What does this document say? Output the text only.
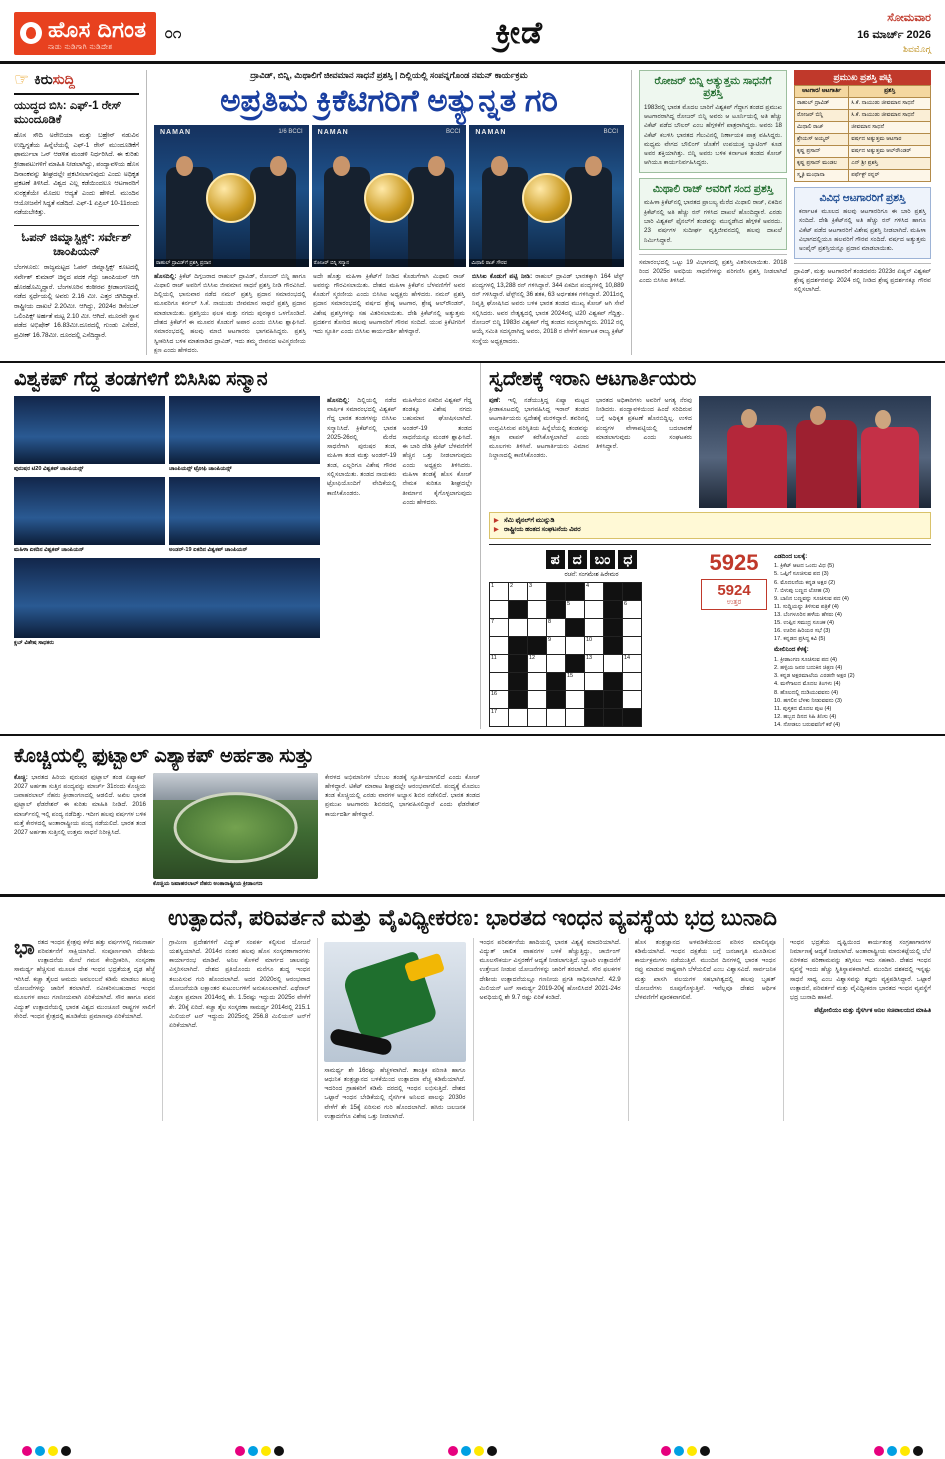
ಹೊಸ ದಿಗಂತ
ನಾಡು ನುಡಿಗಾಗಿ ನುಡಿದೇಶ
೦೧	ಕ್ರೀಡೆ	ಸೋಮವಾರ
16 ಮಾರ್ಚ್ 2026
ಶಿವಮೊಗ್ಗ
☞ ಕಿರುಸುದ್ದಿ
ಯುದ್ಧದ ಬಿಸಿ: ಎಫ್-1 ರೇಸ್ ಮುಂದೂಡಿಕೆ
ಹೊಸ ಸೌದಿ ಅರೇಬಿಯಾ ಮತ್ತು ಬಹ್ರೇನ್ ನಡುವಿನ ಉದ್ವಿಗ್ನತೆಯ ಹಿನ್ನೆಲೆಯಲ್ಲಿ ಎಫ್-1 ರೇಸ್ ಮುಂದೂಡಿಕೆಗೆ ಫಾರ್ಮುಲಾ ಒನ್ ಆಡಳಿತ ಮಂಡಳಿ ನಿರ್ಧರಿಸಿದೆ. ಈ ಕುರಿತು ಕ್ರೀಡಾಪಟುಗಳಿಗೆ ಮಾಹಿತಿ ನೀಡಲಾಗಿದ್ದು, ಪಂದ್ಯಾವಳಿಯ ಹೊಸ ದಿನಾಂಕವನ್ನು ಶೀಘ್ರದಲ್ಲೇ ಪ್ರಕಟಿಸಲಾಗುವುದು ಎಂದು ಅಧಿಕೃತ ಪ್ರಕಟಣೆ ತಿಳಿಸಿದೆ. ವಿಶ್ವದ ಎಲ್ಲ ಕಡೆಯಿಂದಲೂ ಆಟಗಾರರಿಗೆ ಸುರಕ್ಷತೆಯೇ ಮೊದಲ ಆದ್ಯತೆ ಎಂದು ಹೇಳಿದೆ. ಮುಂದಿನ ಆಯೋಜನೆಗೆ ಸಿದ್ಧತೆ ನಡೆದಿದೆ. ಎಫ್-1 ಏಪ್ರಿಲ್ 10-11ರಂದು ನಡೆಯಬೇಕಿತ್ತು.
ಓಪನ್ ಜಿಮ್ನಾಸ್ಟಿಕ್ಸ್: ಸರ್ವೇಶ್ ಚಾಂಪಿಯನ್
ಬೆಂಗಳೂರು: ರಾಜ್ಯಮಟ್ಟದ ಓಪನ್ ಜಿಮ್ನಾಸ್ಟಿಕ್ಸ್ ಕೂಟದಲ್ಲಿ ಸರ್ವೇಶ್ ಕುಮಾರ್ ಚಿನ್ನದ ಪದಕ ಗೆದ್ದು ಚಾಂಪಿಯನ್ ಆಗಿ ಹೊರಹೊಮ್ಮಿದ್ದಾರೆ. ಬೆಂಗಳೂರಿನ ಕಂಠೀರವ ಕ್ರೀಡಾಂಗಣದಲ್ಲಿ ನಡೆದ ಸ್ಪರ್ಧೆಯಲ್ಲಿ ಅವರು 2.16 ಮೀ. ಎತ್ತರ ಜಿಗಿದಿದ್ದಾರೆ. ರಾಷ್ಟ್ರೀಯ ದಾಖಲೆ 2.20ಮೀ. ಆಗಿದ್ದು, 2024ರ ಡಿಸೆಂಬರ್ ಒಲಿಂಪಿಕ್ಸ್ ಅರ್ಹತೆ ಮಟ್ಟ 2.10 ಮೀ. ಆಗಿದೆ. ಮೂರನೇ ಸ್ಥಾನ ಪಡೆದ ಅಭಿಷೇಕ್ 16.83ಮೀ.ದೂರದಲ್ಲಿ ಗುಂಡು ಎಸೆದರೆ, ಪ್ರವೀಣ್ 16.78ಮೀ. ದೂರದಲ್ಲಿ ಎಸೆದಿದ್ದಾರೆ.
ದ್ರಾವಿಡ್, ಬಿನ್ನಿ, ಮಿಥಾಲಿಗೆ ಜೀವಮಾನ ಸಾಧನೆ ಪ್ರಶಸ್ತಿ | ದಿಲ್ಲಿಯಲ್ಲಿ ಸಂಪನ್ನಗೊಂಡ ನಮನ್ ಕಾರ್ಯಕ್ರಮ
ಅಪ್ರತಿಮ ಕ್ರಿಕೆಟಿಗರಿಗೆ ಅತ್ಯುನ್ನತ ಗರಿ
NAMAN	1/6 BCCI
ರಾಹುಲ್ ದ್ರಾವಿಡ್‌ಗೆ ಪ್ರಶಸ್ತಿ ಪ್ರದಾನ
NAMAN	BCCI
ರೋಜರ್ ಬಿನ್ನಿ ಸನ್ಮಾನ
NAMAN	BCCI
ಮಿಥಾಲಿ ರಾಜ್ ಗೌರವ
ಹೊಸದಿಲ್ಲಿ: ಕ್ರಿಕೆಟ್ ದಿಗ್ಗಜರಾದ ರಾಹುಲ್ ದ್ರಾವಿಡ್, ರೋಜರ್ ಬಿನ್ನಿ ಹಾಗೂ ಮಿಥಾಲಿ ರಾಜ್ ಅವರಿಗೆ ಬಿಸಿಸಿಐ ಜೀವಮಾನ ಸಾಧನೆ ಪ್ರಶಸ್ತಿ ನೀಡಿ ಗೌರವಿಸಿದೆ. ದಿಲ್ಲಿಯಲ್ಲಿ ಭಾನುವಾರ ನಡೆದ ನಮನ್ ಪ್ರಶಸ್ತಿ ಪ್ರದಾನ ಸಮಾರಂಭದಲ್ಲಿ ಮೂವರಿಗೂ ಕರ್ನಲ್ ಸಿ.ಕೆ. ನಾಯುಡು ಜೀವಮಾನ ಸಾಧನೆ ಪ್ರಶಸ್ತಿ ಪ್ರದಾನ ಮಾಡಲಾಯಿತು. ಪ್ರಶಸ್ತಿಯು ಫಲಕ ಮತ್ತು ನಗದು ಪುರಸ್ಕಾರ ಒಳಗೊಂಡಿದೆ. ದೇಶದ ಕ್ರಿಕೆಟ್‌ಗೆ ಈ ಮೂವರ ಕೊಡುಗೆ ಅಪಾರ ಎಂದು ಬಿಸಿಸಿಐ ಶ್ಲಾಘಿಸಿದೆ. ಸಮಾರಂಭದಲ್ಲಿ ಹಲವು ಮಾಜಿ ಆಟಗಾರರು ಭಾಗವಹಿಸಿದ್ದರು. ಪ್ರಶಸ್ತಿ ಸ್ವೀಕರಿಸಿದ ಬಳಿಕ ಮಾತನಾಡಿದ ದ್ರಾವಿಡ್, ಇದು ತಮ್ಮ ಜೀವನದ ಅವಿಸ್ಮರಣೀಯ ಕ್ಷಣ ಎಂದು ಹೇಳಿದರು.
ಅದೇ ಹೊತ್ತು ಮಹಿಳಾ ಕ್ರಿಕೆಟ್‌ಗೆ ನೀಡಿದ ಕೊಡುಗೆಗಾಗಿ ಮಿಥಾಲಿ ರಾಜ್ ಅವರನ್ನು ಗೌರವಿಸಲಾಯಿತು. ದೇಶದ ಮಹಿಳಾ ಕ್ರಿಕೆಟ್‌ನ ಬೆಳವಣಿಗೆಗೆ ಅವರ ಕೊಡುಗೆ ಸ್ಮರಣೀಯ ಎಂದು ಬಿಸಿಸಿಐ ಅಧ್ಯಕ್ಷರು ಹೇಳಿದರು. ನಮನ್ ಪ್ರಶಸ್ತಿ ಪ್ರದಾನ ಸಮಾರಂಭದಲ್ಲಿ ವರ್ಷದ ಶ್ರೇಷ್ಠ ಆಟಗಾರ, ಶ್ರೇಷ್ಠ ಆಲ್‌ರೌಂಡರ್, ವಿಶೇಷ ಪ್ರಶಸ್ತಿಗಳನ್ನು ಸಹ ವಿತರಿಸಲಾಯಿತು. ದೇಶಿ ಕ್ರಿಕೆಟ್‌ನಲ್ಲಿ ಅತ್ಯುತ್ತಮ ಪ್ರದರ್ಶನ ತೋರಿದ ಹಲವು ಆಟಗಾರರಿಗೆ ಗೌರವ ಸಂದಿದೆ. ಯುವ ಕ್ರಿಕೆಟಿಗರಿಗೆ ಇದು ಸ್ಫೂರ್ತಿ ಎಂದು ಬಿಸಿಸಿಐ ಕಾರ್ಯದರ್ಶಿ ಹೇಳಿದ್ದಾರೆ.
ಬಿಸಿಸಿಐ ಕೊಡುಗೆ ಪಟ್ಟಿ ನೀಡಿ: ರಾಹುಲ್ ದ್ರಾವಿಡ್ ಭಾರತಕ್ಕಾಗಿ 164 ಟೆಸ್ಟ್ ಪಂದ್ಯಗಳಲ್ಲಿ 13,288 ರನ್ ಗಳಿಸಿದ್ದಾರೆ. 344 ಏಕದಿನ ಪಂದ್ಯಗಳಲ್ಲಿ 10,889 ರನ್ ಗಳಿಸಿದ್ದಾರೆ. ಟೆಸ್ಟ್‌ನಲ್ಲಿ 36 ಶತಕ, 63 ಅರ್ಧಶತಕ ಗಳಿಸಿದ್ದಾರೆ. 2011ರಲ್ಲಿ ನಿವೃತ್ತಿ ಘೋಷಿಸಿದ ಅವರು ಬಳಿಕ ಭಾರತ ತಂಡದ ಮುಖ್ಯ ಕೋಚ್ ಆಗಿ ಸೇವೆ ಸಲ್ಲಿಸಿದರು. ಅವರ ನೇತೃತ್ವದಲ್ಲಿ ಭಾರತ 2024ರಲ್ಲಿ ಟಿ20 ವಿಶ್ವಕಪ್ ಗೆದ್ದಿತ್ತು. ರೋಜರ್ ಬಿನ್ನಿ 1983ರ ವಿಶ್ವಕಪ್ ಗೆದ್ದ ತಂಡದ ಸದಸ್ಯರಾಗಿದ್ದರು. 2012 ರಲ್ಲಿ ಆಯ್ಕೆ ಸಮಿತಿ ಸದಸ್ಯರಾಗಿದ್ದ ಅವರು, 2018 ರ ವೇಳೆಗೆ ಕರ್ನಾಟಕ ರಾಜ್ಯ ಕ್ರಿಕೆಟ್ ಸಂಸ್ಥೆಯ ಅಧ್ಯಕ್ಷರಾದರು.
ರೋಜರ್ ಬಿನ್ನಿ ಅತ್ಯುತ್ತಮ ಸಾಧನೆಗೆ ಪ್ರಶಸ್ತಿ
1983ರಲ್ಲಿ ಭಾರತ ಮೊದಲ ಬಾರಿಗೆ ವಿಶ್ವಕಪ್ ಗೆದ್ದಾಗ ತಂಡದ ಪ್ರಮುಖ ಆಟಗಾರರಾಗಿದ್ದ ರೋಜರ್ ಬಿನ್ನಿ ಅವರು ಆ ಟೂರ್ನಿಯಲ್ಲಿ ಅತಿ ಹೆಚ್ಚು ವಿಕೆಟ್ ಪಡೆದ ಬೌಲರ್ ಎಂಬ ಹೆಗ್ಗಳಿಕೆಗೆ ಪಾತ್ರರಾಗಿದ್ದರು. ಅವರು 18 ವಿಕೆಟ್ ಕಬಳಿಸಿ ಭಾರತದ ಗೆಲುವಿನಲ್ಲಿ ನಿರ್ಣಾಯಕ ಪಾತ್ರ ವಹಿಸಿದ್ದರು. ಮಧ್ಯಮ ವೇಗದ ಬೌಲಿಂಗ್ ಜೊತೆಗೆ ಉಪಯುಕ್ತ ಬ್ಯಾಟಿಂಗ್ ಕೂಡ ಅವರ ಶಕ್ತಿಯಾಗಿತ್ತು. ಬಿನ್ನಿ ಅವರು ಬಳಿಕ ಕರ್ನಾಟಕ ತಂಡದ ಕೋಚ್ ಆಗಿಯೂ ಕಾರ್ಯನಿರ್ವಹಿಸಿದ್ದರು.
ಮಿಥಾಲಿ ರಾಜ್ ಅವರಿಗೆ ಸಂದ ಪ್ರಶಸ್ತಿ
ಮಹಿಳಾ ಕ್ರಿಕೆಟ್‌ನಲ್ಲಿ ಭಾರತದ ಪ್ರಾಬಲ್ಯ ಮೆರೆದ ಮಿಥಾಲಿ ರಾಜ್, ಏಕದಿನ ಕ್ರಿಕೆಟ್‌ನಲ್ಲಿ ಅತಿ ಹೆಚ್ಚು ರನ್ ಗಳಿಸಿದ ದಾಖಲೆ ಹೊಂದಿದ್ದಾರೆ. ಎರಡು ಬಾರಿ ವಿಶ್ವಕಪ್ ಫೈನಲ್‌ಗೆ ತಂಡವನ್ನು ಮುನ್ನಡೆಸಿದ ಹೆಗ್ಗಳಿಕೆ ಅವರದು. 23 ವರ್ಷಗಳ ಸುದೀರ್ಘ ವೃತ್ತಿಜೀವನದಲ್ಲಿ ಹಲವು ದಾಖಲೆ ನಿರ್ಮಿಸಿದ್ದಾರೆ.
ಸಮಾರಂಭದಲ್ಲಿ ಒಟ್ಟು 19 ವಿಭಾಗದಲ್ಲಿ ಪ್ರಶಸ್ತಿ ವಿತರಿಸಲಾಯಿತು. 2018 ರಿಂದ 2025ರ ಅವಧಿಯ ಸಾಧನೆಗಳನ್ನು ಪರಿಗಣಿಸಿ ಪ್ರಶಸ್ತಿ ನೀಡಲಾಗಿದೆ ಎಂದು ಬಿಸಿಸಿಐ ತಿಳಿಸಿದೆ.
ಪ್ರಮುಖ ಪ್ರಶಸ್ತಿ ಪಟ್ಟಿ
ಆಟಗಾರ/ ಆಟಗಾರ್ತಿ	ಪ್ರಶಸ್ತಿ
ರಾಹುಲ್ ದ್ರಾವಿಡ್	ಸಿ.ಕೆ. ನಾಯುಡು ಜೀವಮಾನ ಸಾಧನೆ
ರೋಜರ್ ಬಿನ್ನಿ	ಸಿ.ಕೆ. ನಾಯುಡು ಜೀವಮಾನ ಸಾಧನೆ
ಮಿಥಾಲಿ ರಾಜ್	ಜೀವಮಾನ ಸಾಧನೆ
ಶ್ರೇಯಸ್ ಅಯ್ಯರ್	ವರ್ಷದ ಅತ್ಯುತ್ತಮ ಆಟಗಾರ
ಕೃಷ್ಣ ಪ್ರಸಾದ್	ವರ್ಷದ ಅತ್ಯುತ್ತಮ ಆಲ್‌ರೌಂಡರ್
ಕೃಷ್ಣ ಪ್ರಸಾದ್ ಮಂಡಲ	ಎನ್ ಶ್ರೀ ಪ್ರಶಸ್ತಿ
ಸ್ಮೃತಿ ಮಂಧಾನಾ	ಪರ್ಫೆಕ್ಟ್ ರನ್ನರ್
ವಿವಿಧ ಆಟಗಾರರಿಗೆ ಪ್ರಶಸ್ತಿ
ಕರ್ನಾಟಕ ಮೂಲದ ಹಲವು ಆಟಗಾರರಿಗೂ ಈ ಬಾರಿ ಪ್ರಶಸ್ತಿ ಸಂದಿದೆ. ದೇಶಿ ಕ್ರಿಕೆಟ್‌ನಲ್ಲಿ ಅತಿ ಹೆಚ್ಚು ರನ್ ಗಳಿಸಿದ ಹಾಗೂ ವಿಕೆಟ್ ಪಡೆದ ಆಟಗಾರರಿಗೆ ವಿಶೇಷ ಪ್ರಶಸ್ತಿ ನೀಡಲಾಗಿದೆ. ಮಹಿಳಾ ವಿಭಾಗದಲ್ಲಿಯೂ ಹಲವರಿಗೆ ಗೌರವ ಸಂದಿದೆ. ವರ್ಷದ ಅತ್ಯುತ್ತಮ ಅಂಪೈರ್ ಪ್ರಶಸ್ತಿಯನ್ನೂ ಪ್ರದಾನ ಮಾಡಲಾಯಿತು.
ದ್ರಾವಿಡ್, ಮತ್ತು ಆಟಗಾರರಿಗೆ ತಂಡದವರು 2023ರ ಏಷ್ಯನ್ ವಿಶ್ವಕಪ್ ಶ್ರೇಷ್ಠ ಪ್ರದರ್ಶನವನ್ನು 2024 ರಲ್ಲಿ ನೀಡಿದ ಶ್ರೇಷ್ಠ ಪ್ರದರ್ಶನಕ್ಕೂ ಗೌರವ ಸಲ್ಲಿಸಲಾಗಿದೆ.
ವಿಶ್ವಕಪ್ ಗೆದ್ದ ತಂಡಗಳಿಗೆ ಬಿಸಿಸಿಐ ಸನ್ಮಾನ
ಪುರುಷರ ಟಿ20 ವಿಶ್ವಕಪ್ ಚಾಂಪಿಯನ್ಸ್	ಚಾಂಪಿಯನ್ಸ್ ಟ್ರೋಫಿ ಚಾಂಪಿಯನ್ಸ್
ಮಹಿಳಾ ಏಕದಿನ ವಿಶ್ವಕಪ್ ಚಾಂಪಿಯನ್	ಅಂಡರ್-19 ಏಕದಿನ ವಿಶ್ವಕಪ್ ಚಾಂಪಿಯನ್
ಕ್ಲಬ್ ವಿಶೇಷ ಸಾಧಕರು
ಹೊಸದಿಲ್ಲಿ: ದಿಲ್ಲಿಯಲ್ಲಿ ನಡೆದ ವಾರ್ಷಿಕ ಸಮಾರಂಭದಲ್ಲಿ ವಿಶ್ವಕಪ್ ಗೆದ್ದ ಭಾರತ ತಂಡಗಳನ್ನು ಬಿಸಿಸಿಐ ಸನ್ಮಾನಿಸಿದೆ. ಕ್ರಿಕೆಟ್‌ನಲ್ಲಿ ಭಾರತ 2025-26ರಲ್ಲಿ ಮೆರೆದ ಸಾಧನೆಗಾಗಿ ಪುರುಷರ ತಂಡ, ಮಹಿಳಾ ತಂಡ ಮತ್ತು ಅಂಡರ್-19 ತಂಡ, ಎಲ್ಲರಿಗೂ ವಿಶೇಷ ಗೌರವ ಸಲ್ಲಿಸಲಾಯಿತು. ತಂಡದ ನಾಯಕರು ಟ್ರೋಫಿಯೊಂದಿಗೆ ವೇದಿಕೆಯಲ್ಲಿ ಕಾಣಿಸಿಕೊಂಡರು.
ಮಹಿಳೆಯರ ಏಕದಿನ ವಿಶ್ವಕಪ್ ಗೆದ್ದ ತಂಡಕ್ಕೂ ವಿಶೇಷ ನಗದು ಬಹುಮಾನ ಘೋಷಿಸಲಾಗಿದೆ. ಅಂಡರ್-19 ತಂಡದ ಸಾಧನೆಯನ್ನೂ ಮಂಡಳಿ ಶ್ಲಾಘಿಸಿದೆ. ಈ ಬಾರಿ ದೇಶಿ ಕ್ರಿಕೆಟ್ ಬೆಳವಣಿಗೆಗೆ ಹೆಚ್ಚಿನ ಒತ್ತು ನೀಡಲಾಗುವುದು ಎಂದು ಅಧ್ಯಕ್ಷರು ತಿಳಿಸಿದರು. ಮಹಿಳಾ ತಂಡಕ್ಕೆ ಹೊಸ ಕೋಚ್ ನೇಮಕ ಕುರಿತೂ ಶೀಘ್ರದಲ್ಲೇ ತೀರ್ಮಾನ ಕೈಗೊಳ್ಳಲಾಗುವುದು ಎಂದು ಹೇಳಿದರು.
ಸ್ವದೇಶಕ್ಕೆ ಇರಾನಿ ಆಟಗಾರ್ತಿಯರು
ಪುಣೆ: ಇಲ್ಲಿ ನಡೆಯುತ್ತಿದ್ದ ಏಷ್ಯಾ ಮಟ್ಟದ ಕ್ರೀಡಾಕೂಟದಲ್ಲಿ ಭಾಗವಹಿಸಿದ್ದ ಇರಾನ್ ತಂಡದ ಆಟಗಾರ್ತಿಯರು ಸ್ವದೇಶಕ್ಕೆ ಮರಳಿದ್ದಾರೆ. ತವರಿನಲ್ಲಿ ಉದ್ಭವಿಸಿರುವ ಪರಿಸ್ಥಿತಿಯ ಹಿನ್ನೆಲೆಯಲ್ಲಿ ತಂಡವನ್ನು ತಕ್ಷಣ ವಾಪಸ್ ಕರೆಸಿಕೊಳ್ಳಲಾಗಿದೆ ಎಂದು ಮೂಲಗಳು ತಿಳಿಸಿವೆ. ಆಟಗಾರ್ತಿಯರು ವಿಮಾನ ನಿಲ್ದಾಣದಲ್ಲಿ ಕಾಣಿಸಿಕೊಂಡರು.
ಭಾರತದ ಅಧಿಕಾರಿಗಳು ಅವರಿಗೆ ಅಗತ್ಯ ನೆರವು ನೀಡಿದರು. ಪಂದ್ಯಾವಳಿಯಿಂದ ಹಿಂದೆ ಸರಿದಿರುವ ಬಗ್ಗೆ ಅಧಿಕೃತ ಪ್ರಕಟಣೆ ಹೊರಬಿದ್ದಿಲ್ಲ. ಉಳಿದ ಪಂದ್ಯಗಳ ವೇಳಾಪಟ್ಟಿಯಲ್ಲಿ ಬದಲಾವಣೆ ಮಾಡಲಾಗುವುದು ಎಂದು ಸಂಘಟಕರು ತಿಳಿಸಿದ್ದಾರೆ.
▶ ಸೆಮಿ ಫೈನಲ್‌ಗೆ ಮುನ್ನುಡಿ
▶ ರಾಷ್ಟ್ರೀಯ ಹಂತದ ಸಂಘಟನೆಯ ವಿವರ
ಪ ದ ಬಂ ಧ
ರಚನೆ: ಸಂಗಮೇಶ ಹಿರೇಮಠ
1	2	3			4		
				5			6
7			8				
			9		10		
11		12			13		14
				15			
16							
17							
5925
5924
ಉತ್ತರ
ಎಡದಿಂದ ಬಲಕ್ಕೆ:
1. ಕ್ರಿಕೆಟ್ ಆಟದ ಒಂದು ವಿಧ (5)
5. ಒಪ್ಪಿಗೆ ಸೂಚಿಸುವ ಪದ (3)
6. ಮೊದಲನೆಯ ಕನ್ನಡ ಅಕ್ಷರ (2)
7. ಬಿಳುಪು ಬಣ್ಣದ ಲೋಹ (3)
9. ಬಾನಿನ ಬಣ್ಣವನ್ನು ಸೂಚಿಸುವ ಪದ (4)
11. ಸುದ್ದಿಯನ್ನು ತಿಳಿಸುವ ಪತ್ರಿಕೆ (4)
13. ಬೆಂಗಳೂರಿನ ಹಳೆಯ ಹೆಸರು (4)
15. ಉಪ್ಪಿನ ಸಮುದ್ರ ಸೂಚಕ (4)
16. ಊರಿನ ಹಿರಿಯರ ಸಭೆ (3)
17. ಕನ್ನಡದ ಪ್ರಸಿದ್ಧ ಕವಿ (5)
ಮೇಲಿನಿಂದ ಕೆಳಕ್ಕೆ:
1. ಕ್ರೀಡಾಂಗಣ ಸೂಚಿಸುವ ಪದ (4)
2. ಹಳ್ಳಿಯ ಜನರ ಬದುಕಿನ ಚಿತ್ರಣ (4)
3. ಕನ್ನಡ ಅಕ್ಷರಮಾಲೆಯ ಎರಡನೇ ಅಕ್ಷರ (2)
4. ಮಳೆಗಾಲದ ಮೊದಲ ತಿಂಗಳು (4)
8. ಹೊಲದಲ್ಲಿ ದುಡಿಯುವವನು (4)
10. ಹಗಲಿನ ಬೆಳಕು ನೀಡುವವನು (3)
11. ಪುಸ್ತಕದ ಮೊದಲ ಪುಟ (4)
12. ಹಬ್ಬದ ದಿನದ ಸಿಹಿ ತಿನಿಸು (4)
14. ನೋಡಲು ಬರುವವನಿಗೆ ಕರೆ (4)
ಕೊಚ್ಚಿಯಲ್ಲಿ ಫುಟ್ಬಾಲ್ ಎಶ್ಯಾಕಪ್ ಅರ್ಹತಾ ಸುತ್ತು
ಕೊಚ್ಚಿ: ಭಾರತದ ಹಿರಿಯ ಪುರುಷರ ಫುಟ್ಬಾಲ್ ತಂಡ ಏಷ್ಯಾಕಪ್ 2027 ಅರ್ಹತಾ ಸುತ್ತಿನ ಪಂದ್ಯವನ್ನು ಮಾರ್ಚ್ 31ರಂದು ಕೊಚ್ಚಿಯ ಜವಾಹರಲಾಲ್ ನೆಹರು ಕ್ರೀಡಾಂಗಣದಲ್ಲಿ ಆಡಲಿದೆ. ಅಖಿಲ ಭಾರತ ಫುಟ್ಬಾಲ್ ಫೆಡರೇಶನ್ ಈ ಕುರಿತು ಮಾಹಿತಿ ನೀಡಿದೆ. 2016 ಮಾರ್ಚ್‌ನಲ್ಲಿ ಇಲ್ಲಿ ಪಂದ್ಯ ನಡೆದಿತ್ತು. ಇದೀಗ ಹಲವು ವರ್ಷಗಳ ಬಳಿಕ ಮತ್ತೆ ಕೇರಳದಲ್ಲಿ ಅಂತಾರಾಷ್ಟ್ರೀಯ ಪಂದ್ಯ ನಡೆಯಲಿದೆ. ಭಾರತ ತಂಡ 2027 ಅರ್ಹತಾ ಸುತ್ತಿನಲ್ಲಿ ಉತ್ತಮ ಸಾಧನೆ ನಿರೀಕ್ಷಿಸಿದೆ.
ಕೊಚ್ಚಿಯ ಜವಾಹರಲಾಲ್ ನೆಹರು ಅಂತಾರಾಷ್ಟ್ರೀಯ ಕ್ರೀಡಾಂಗಣ
ಕೇರಳದ ಅಭಿಮಾನಿಗಳ ಬೆಂಬಲ ತಂಡಕ್ಕೆ ಸ್ಫೂರ್ತಿಯಾಗಲಿದೆ ಎಂದು ಕೋಚ್ ಹೇಳಿದ್ದಾರೆ. ಟಿಕೆಟ್ ಮಾರಾಟ ಶೀಘ್ರದಲ್ಲೇ ಆರಂಭವಾಗಲಿದೆ. ಪಂದ್ಯಕ್ಕೆ ಮೊದಲು ತಂಡ ಕೊಚ್ಚಿಯಲ್ಲಿ ಎರಡು ವಾರಗಳ ಅಭ್ಯಾಸ ಶಿಬಿರ ನಡೆಸಲಿದೆ. ಭಾರತ ತಂಡದ ಪ್ರಮುಖ ಆಟಗಾರರು ಶಿಬಿರದಲ್ಲಿ ಭಾಗವಹಿಸಲಿದ್ದಾರೆ ಎಂದು ಫೆಡರೇಶನ್ ಕಾರ್ಯದರ್ಶಿ ಹೇಳಿದ್ದಾರೆ.
ಉತ್ಪಾದನೆ, ಪರಿವರ್ತನೆ ಮತ್ತು ವೈವಿಧ್ಯೀಕರಣ: ಭಾರತದ ಇಂಧನ ವ್ಯವಸ್ಥೆಯ ಭದ್ರ ಬುನಾದಿ
ಭಾರತದ ಇಂಧನ ಕ್ಷೇತ್ರವು ಕಳೆದ ಹತ್ತು ವರ್ಷಗಳಲ್ಲಿ ಗಮನಾರ್ಹ ಪರಿವರ್ತನೆಗೆ ಸಾಕ್ಷಿಯಾಗಿದೆ. ಸಂಪೂರ್ಣವಾಗಿ ದೇಶೀಯ ಉತ್ಪಾದನೆಯ ಮೇಲೆ ಗಮನ ಕೇಂದ್ರೀಕರಿಸಿ, ಸಂಸ್ಕರಣಾ ಸಾಮರ್ಥ್ಯ ಹೆಚ್ಚಿಸುವ ಮೂಲಕ ದೇಶ ಇಂಧನ ಭದ್ರತೆಯತ್ತ ದೃಢ ಹೆಜ್ಜೆ ಇರಿಸಿದೆ. ಕಚ್ಚಾ ತೈಲದ ಆಮದು ಅವಲಂಬನೆ ಕಡಿಮೆ ಮಾಡಲು ಹಲವು ಯೋಜನೆಗಳನ್ನು ಜಾರಿಗೆ ತರಲಾಗಿದೆ. ನವೀಕರಿಸಬಹುದಾದ ಇಂಧನ ಮೂಲಗಳ ಪಾಲು ಗಣನೀಯವಾಗಿ ಏರಿಕೆಯಾಗಿದೆ. ಸೌರ ಹಾಗೂ ಪವನ ವಿದ್ಯುತ್ ಉತ್ಪಾದನೆಯಲ್ಲಿ ಭಾರತ ವಿಶ್ವದ ಮುಂಚೂಣಿ ರಾಷ್ಟ್ರಗಳ ಸಾಲಿಗೆ ಸೇರಿದೆ. ಇಂಧನ ಕ್ಷೇತ್ರದಲ್ಲಿ ಹೂಡಿಕೆಯ ಪ್ರಮಾಣವೂ ಏರಿಕೆಯಾಗಿದೆ.
ಗ್ರಾಮೀಣ ಪ್ರದೇಶಗಳಿಗೆ ವಿದ್ಯುತ್ ಸಂಪರ್ಕ ಕಲ್ಪಿಸುವ ಯೋಜನೆ ಯಶಸ್ವಿಯಾಗಿದೆ. 2014ರ ನಂತರ ಹಲವು ಹೊಸ ಸಂಸ್ಕರಣಾಗಾರಗಳು ಕಾರ್ಯಾರಂಭ ಮಾಡಿವೆ. ಅನಿಲ ಕೊಳವೆ ಮಾರ್ಗದ ಜಾಲವನ್ನು ವಿಸ್ತರಿಸಲಾಗಿದೆ. ದೇಶದ ಪ್ರತಿಯೊಂದು ಮನೆಗೂ ಶುದ್ಧ ಇಂಧನ ತಲುಪಿಸುವ ಗುರಿ ಹೊಂದಲಾಗಿದೆ. ಅದರ 2020ರಲ್ಲಿ ಆರಂಭವಾದ ಯೋಜನೆಯಡಿ ಲಕ್ಷಾಂತರ ಕುಟುಂಬಗಳಿಗೆ ಅನುಕೂಲವಾಗಿದೆ. ಎಥೆನಾಲ್ ಮಿಶ್ರಣ ಪ್ರಮಾಣ 2014ರಲ್ಲಿ ಶೇ. 1.5ರಷ್ಟು ಇದ್ದುದು 2025ರ ವೇಳೆಗೆ ಶೇ. 20ಕ್ಕೆ ಏರಿದೆ. ಕಚ್ಚಾ ತೈಲ ಸಂಸ್ಕರಣಾ ಸಾಮರ್ಥ್ಯ 2014ರಲ್ಲಿ 215.1 ಮಿಲಿಯನ್ ಟನ್ ಇದ್ದುದು 2025ರಲ್ಲಿ 256.8 ಮಿಲಿಯನ್ ಟನ್‌ಗೆ ಏರಿಕೆಯಾಗಿದೆ.
ಸಾಮರ್ಥ್ಯ ಶೇ 16ರಷ್ಟು ಹೆಚ್ಚಳವಾಗಿದೆ. ತಾಂತ್ರಿಕ ಪರಿಣತಿ ಹಾಗೂ ಆಧುನಿಕ ತಂತ್ರಜ್ಞಾನದ ಬಳಕೆಯಿಂದ ಉತ್ಪಾದನಾ ವೆಚ್ಚ ಕಡಿಮೆಯಾಗಿದೆ. ಇದರಿಂದ ಗ್ರಾಹಕರಿಗೆ ಕಡಿಮೆ ದರದಲ್ಲಿ ಇಂಧನ ಲಭಿಸುತ್ತಿದೆ. ದೇಶದ ಒಟ್ಟಾರೆ ಇಂಧನ ಬೇಡಿಕೆಯಲ್ಲಿ ನೈಸರ್ಗಿಕ ಅನಿಲದ ಪಾಲನ್ನು 2030ರ ವೇಳೆಗೆ ಶೇ 15ಕ್ಕೆ ಏರಿಸುವ ಗುರಿ ಹೊಂದಲಾಗಿದೆ. ಹಸಿರು ಜಲಜನಕ ಉತ್ಪಾದನೆಗೂ ವಿಶೇಷ ಒತ್ತು ನೀಡಲಾಗಿದೆ.
ಇಂಧನ ಪರಿವರ್ತನೆಯ ಹಾದಿಯಲ್ಲಿ ಭಾರತ ವಿಶ್ವಕ್ಕೆ ಮಾದರಿಯಾಗಿದೆ. ವಿದ್ಯುತ್ ಚಾಲಿತ ವಾಹನಗಳ ಬಳಕೆ ಹೆಚ್ಚುತ್ತಿದ್ದು, ಚಾರ್ಜಿಂಗ್ ಮೂಲಸೌಕರ್ಯ ವಿಸ್ತರಣೆಗೆ ಆದ್ಯತೆ ನೀಡಲಾಗುತ್ತಿದೆ. ಬ್ಯಾಟರಿ ಉತ್ಪಾದನೆಗೆ ಉತ್ತೇಜನ ನೀಡುವ ಯೋಜನೆಗಳನ್ನು ಜಾರಿಗೆ ತರಲಾಗಿದೆ. ಸೌರ ಫಲಕಗಳ ದೇಶೀಯ ಉತ್ಪಾದನೆಯಲ್ಲೂ ಗಣನೀಯ ಪ್ರಗತಿ ಸಾಧಿಸಲಾಗಿದೆ. 42.9 ಮಿಲಿಯನ್ ಟನ್ ಸಾಮರ್ಥ್ಯ 2019-20ಕ್ಕೆ ಹೋಲಿಸಿದರೆ 2021-24ರ ಅವಧಿಯಲ್ಲಿ ಶೇ 9.7 ರಷ್ಟು ಏರಿಕೆ ಕಂಡಿದೆ.
ಹೊಸ ತಂತ್ರಜ್ಞಾನದ ಅಳವಡಿಕೆಯಿಂದ ಪರಿಸರ ಮಾಲಿನ್ಯವೂ ಕಡಿಮೆಯಾಗಿದೆ. ಇಂಧನ ದಕ್ಷತೆಯ ಬಗ್ಗೆ ಜನಜಾಗೃತಿ ಮೂಡಿಸುವ ಕಾರ್ಯಕ್ರಮಗಳು ನಡೆಯುತ್ತಿವೆ. ಮುಂದಿನ ದಿನಗಳಲ್ಲಿ ಭಾರತ ಇಂಧನ ರಫ್ತು ಮಾಡುವ ರಾಷ್ಟ್ರವಾಗಿ ಬೆಳೆಯಲಿದೆ ಎಂಬ ವಿಶ್ವಾಸವಿದೆ. ಸಾರ್ವಜನಿಕ ಮತ್ತು ಖಾಸಗಿ ವಲಯಗಳ ಸಹಭಾಗಿತ್ವದಲ್ಲಿ ಹಲವು ಬೃಹತ್ ಯೋಜನೆಗಳು ರೂಪುಗೊಳ್ಳುತ್ತಿವೆ. ಇವೆಲ್ಲವೂ ದೇಶದ ಆರ್ಥಿಕ ಬೆಳವಣಿಗೆಗೆ ಪೂರಕವಾಗಲಿವೆ.
ಇಂಧನ ಭದ್ರತೆಯ ದೃಷ್ಟಿಯಿಂದ ಕಾರ್ಯತಂತ್ರ ಸಂಗ್ರಹಾಗಾರಗಳ ನಿರ್ಮಾಣಕ್ಕೆ ಆದ್ಯತೆ ನೀಡಲಾಗಿದೆ. ಅಂತಾರಾಷ್ಟ್ರೀಯ ಮಾರುಕಟ್ಟೆಯಲ್ಲಿ ಬೆಲೆ ಏರಿಳಿತದ ಪರಿಣಾಮವನ್ನು ತಗ್ಗಿಸಲು ಇದು ಸಹಕಾರಿ. ದೇಶದ ಇಂಧನ ವ್ಯವಸ್ಥೆ ಇಂದು ಹೆಚ್ಚು ಸ್ಥಿತಿಸ್ಥಾಪಕವಾಗಿದೆ. ಮುಂದಿನ ದಶಕದಲ್ಲಿ ಇನ್ನಷ್ಟು ಸಾಧನೆ ಸಾಧ್ಯ ಎಂಬ ವಿಶ್ವಾಸವನ್ನು ತಜ್ಞರು ವ್ಯಕ್ತಪಡಿಸಿದ್ದಾರೆ. ಒಟ್ಟಾರೆ ಉತ್ಪಾದನೆ, ಪರಿವರ್ತನೆ ಮತ್ತು ವೈವಿಧ್ಯೀಕರಣ ಭಾರತದ ಇಂಧನ ವ್ಯವಸ್ಥೆಗೆ ಭದ್ರ ಬುನಾದಿ ಹಾಕಿವೆ.
ಪೆಟ್ರೋಲಿಯಂ ಮತ್ತು ನೈಸರ್ಗಿಕ ಅನಿಲ ಸಚಿವಾಲಯದ ಮಾಹಿತಿ
